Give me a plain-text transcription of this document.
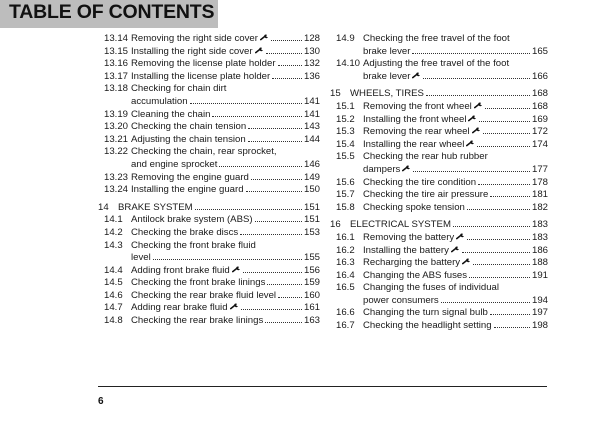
TABLE OF CONTENTS
13.14 Removing the right side cover	128
13.15 Installing the right side cover	130
13.16 Removing the license plate holder	132
13.17 Installing the license plate holder	136
13.18 Checking for chain dirt
accumulation	141
13.19 Cleaning the chain	141
13.20 Checking the chain tension	143
13.21 Adjusting the chain tension	144
13.22 Checking the chain, rear sprocket,
and engine sprocket	146
13.23 Removing the engine guard	149
13.24 Installing the engine guard	150
14 BRAKE SYSTEM	151
14.1 Antilock brake system (ABS)	151
14.2 Checking the brake discs	153
14.3 Checking the front brake fluid
level	155
14.4 Adding front brake fluid	156
14.5 Checking the front brake linings	159
14.6 Checking the rear brake fluid level	160
14.7 Adding rear brake fluid	161
14.8 Checking the rear brake linings	163
14.9 Checking the free travel of the foot
brake lever	165
14.10 Adjusting the free travel of the foot
brake lever	166
15 WHEELS, TIRES	168
15.1 Removing the front wheel	168
15.2 Installing the front wheel	169
15.3 Removing the rear wheel	172
15.4 Installing the rear wheel	174
15.5 Checking the rear hub rubber
dampers	177
15.6 Checking the tire condition	178
15.7 Checking the tire air pressure	181
15.8 Checking spoke tension	182
16 ELECTRICAL SYSTEM	183
16.1 Removing the battery	183
16.2 Installing the battery	186
16.3 Recharging the battery	188
16.4 Changing the ABS fuses	191
16.5 Changing the fuses of individual
power consumers	194
16.6 Changing the turn signal bulb	197
16.7 Checking the headlight setting	198
6
